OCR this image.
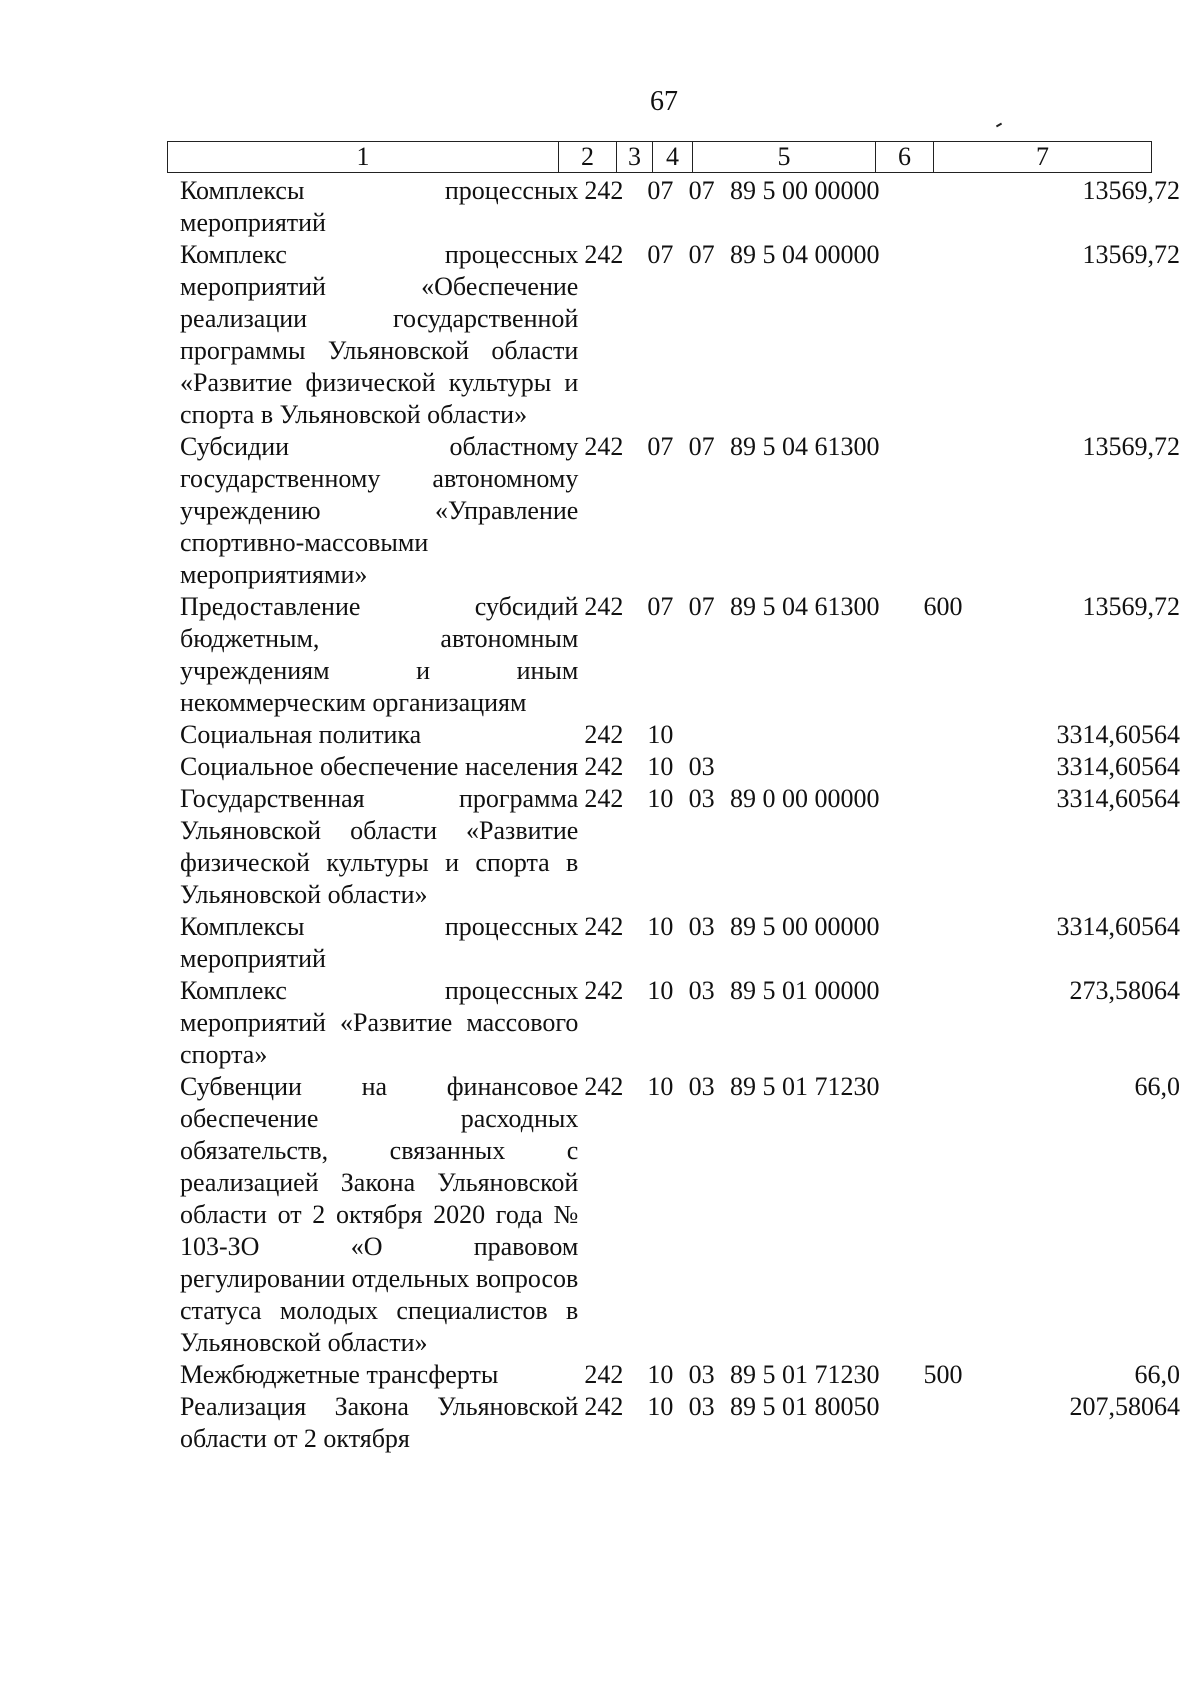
67
1	2	3	4	5	6	7
Комплексы процессных мероприятий	242	07	07	89 5 00 00000		13569,72
Комплекс процессных мероприятий «Обеспечение реализации государственной программы Ульяновской области «Развитие физической культуры и спорта в Ульяновской области»	242	07	07	89 5 04 00000		13569,72
Субсидии областному государственному автономному учреждению «Управление спортивно-массовыми мероприятиями»	242	07	07	89 5 04 61300		13569,72
Предоставление субсидий бюджетным, автономным учреждениям и иным некоммерческим организациям	242	07	07	89 5 04 61300	600	13569,72
Социальная политика	242	10				3314,60564
Социальное обеспечение населения	242	10	03			3314,60564
Государственная программа Ульяновской области «Развитие физической культуры и спорта в Ульяновской области»	242	10	03	89 0 00 00000		3314,60564
Комплексы процессных мероприятий	242	10	03	89 5 00 00000		3314,60564
Комплекс процессных мероприятий «Развитие массового спорта»	242	10	03	89 5 01 00000		273,58064
Субвенции на финансовое обеспечение расходных обязательств, связанных с реализацией Закона Ульяновской области от 2 октября 2020 года № 103-ЗО «О правовом регулировании отдельных вопросов статуса молодых специалистов в Ульяновской области»	242	10	03	89 5 01 71230		66,0
Межбюджетные трансферты	242	10	03	89 5 01 71230	500	66,0
Реализация Закона Ульяновской области от 2 октября	242	10	03	89 5 01 80050		207,58064
